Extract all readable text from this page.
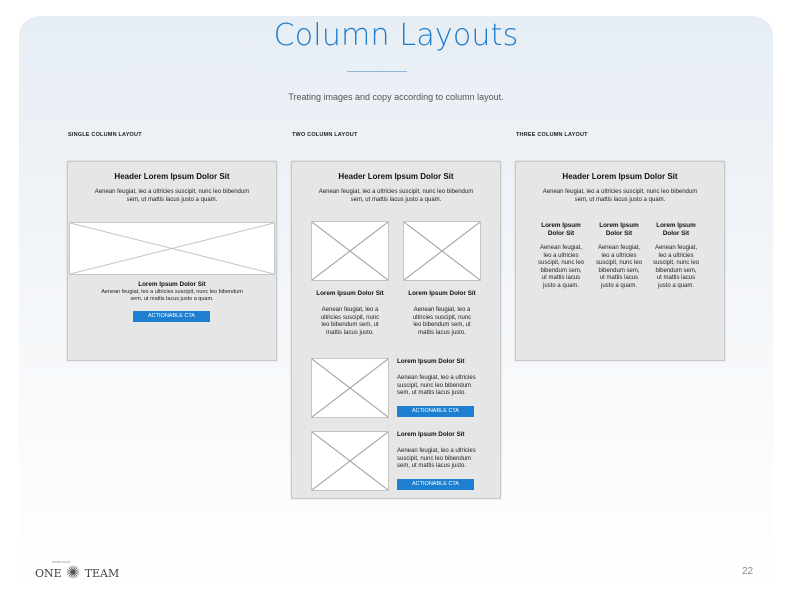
Column Layouts
Treating images and copy according to column layout.
SINGLE COLUMN LAYOUT	TWO COLUMN LAYOUT	THREE COLUMN LAYOUT
Header Lorem Ipsum Dolor Sit
Aenean feugiat, leo a ultricies suscipit, nunc leo bibendum
sem, ut mattis lacus justo a quam.
Lorem Ipsum Dolor Sit
Aenean feugiat, leo a ultricies suscipit, nunc leo bibendum
sem, ut mattis lacus justo a quam.
ACTIONABLE CTA
Header Lorem Ipsum Dolor Sit
Aenean feugiat, leo a ultricies suscipit, nunc leo bibendum
sem, ut mattis lacus justo a quam.
Lorem Ipsum Dolor Sit
Aenean feugiat, leo a
ultricies suscipit, nunc
leo bibendum sem, ut
mattis lacus justo.
Lorem Ipsum Dolor Sit
Aenean feugiat, leo a
ultricies suscipit, nunc
leo bibendum sem, ut
mattis lacus justo.
Lorem Ipsum Dolor Sit
Aenean feugiat, leo a ultricies
suscipit, nunc leo bibendum
sem, ut mattis lacus justo.
ACTIONABLE CTA
Lorem Ipsum Dolor Sit
Aenean feugiat, leo a ultricies
suscipit, nunc leo bibendum
sem, ut mattis lacus justo.
ACTIONABLE CTA
Header Lorem Ipsum Dolor Sit
Aenean feugiat, leo a ultricies suscipit, nunc leo bibendum
sem, ut mattis lacus justo a quam.
Lorem Ipsum
Dolor Sit
Aenean feugiat,
leo a ultricies
suscipit, nunc leo
bibendum sem,
ut mattis lacus
justo a quam.
Lorem Ipsum
Dolor Sit
Aenean feugiat,
leo a ultricies
suscipit, nunc leo
bibendum sem,
ut mattis lacus
justo a quam.
Lorem Ipsum
Dolor Sit
Aenean feugiat,
leo a ultricies
suscipit, nunc leo
bibendum sem,
ut mattis lacus
justo a quam.
PORTLAND
ONE TEAM	22
